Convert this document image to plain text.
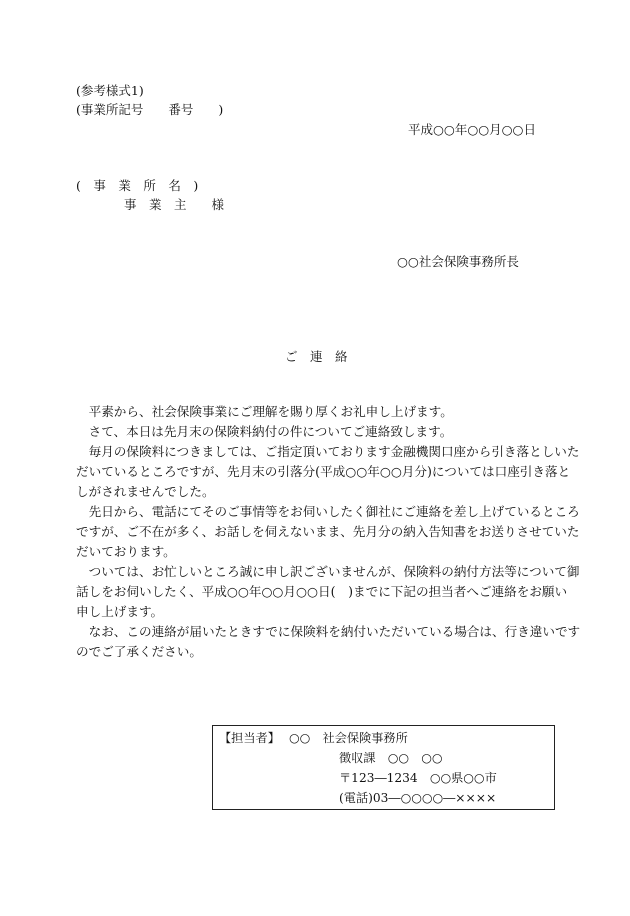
(参考様式1)
(事業所記号　　番号　　)
平成○○年○○月○○日
(　事　業　所　名　)
事　業　主　　様
○○社会保険事務所長
ご　連　絡
　平素から、社会保険事業にご理解を賜り厚くお礼申し上げます。
　さて、本日は先月末の保険料納付の件についてご連絡致します。
　毎月の保険料につきましては、ご指定頂いております金融機関口座から引き落としいた
だいているところですが、先月末の引落分(平成○○年○○月分)については口座引き落と
しがされませんでした。
　先日から、電話にてそのご事情等をお伺いしたく御社にご連絡を差し上げているところ
ですが、ご不在が多く、お話しを伺えないまま、先月分の納入告知書をお送りさせていた
だいております。
　ついては、お忙しいところ誠に申し訳ございませんが、保険料の納付方法等について御
話しをお伺いしたく、平成○○年○○月○○日(　)までに下記の担当者へご連絡をお願い
申し上げます。
　なお、この連絡が届いたときすでに保険料を納付いただいている場合は、行き違いです
のでご了承ください。
【担当者】 ○○　社会保険事務所
徴収課　○○　○○
〒123―1234　○○県○○市
(電話)03―○○○○―××××
